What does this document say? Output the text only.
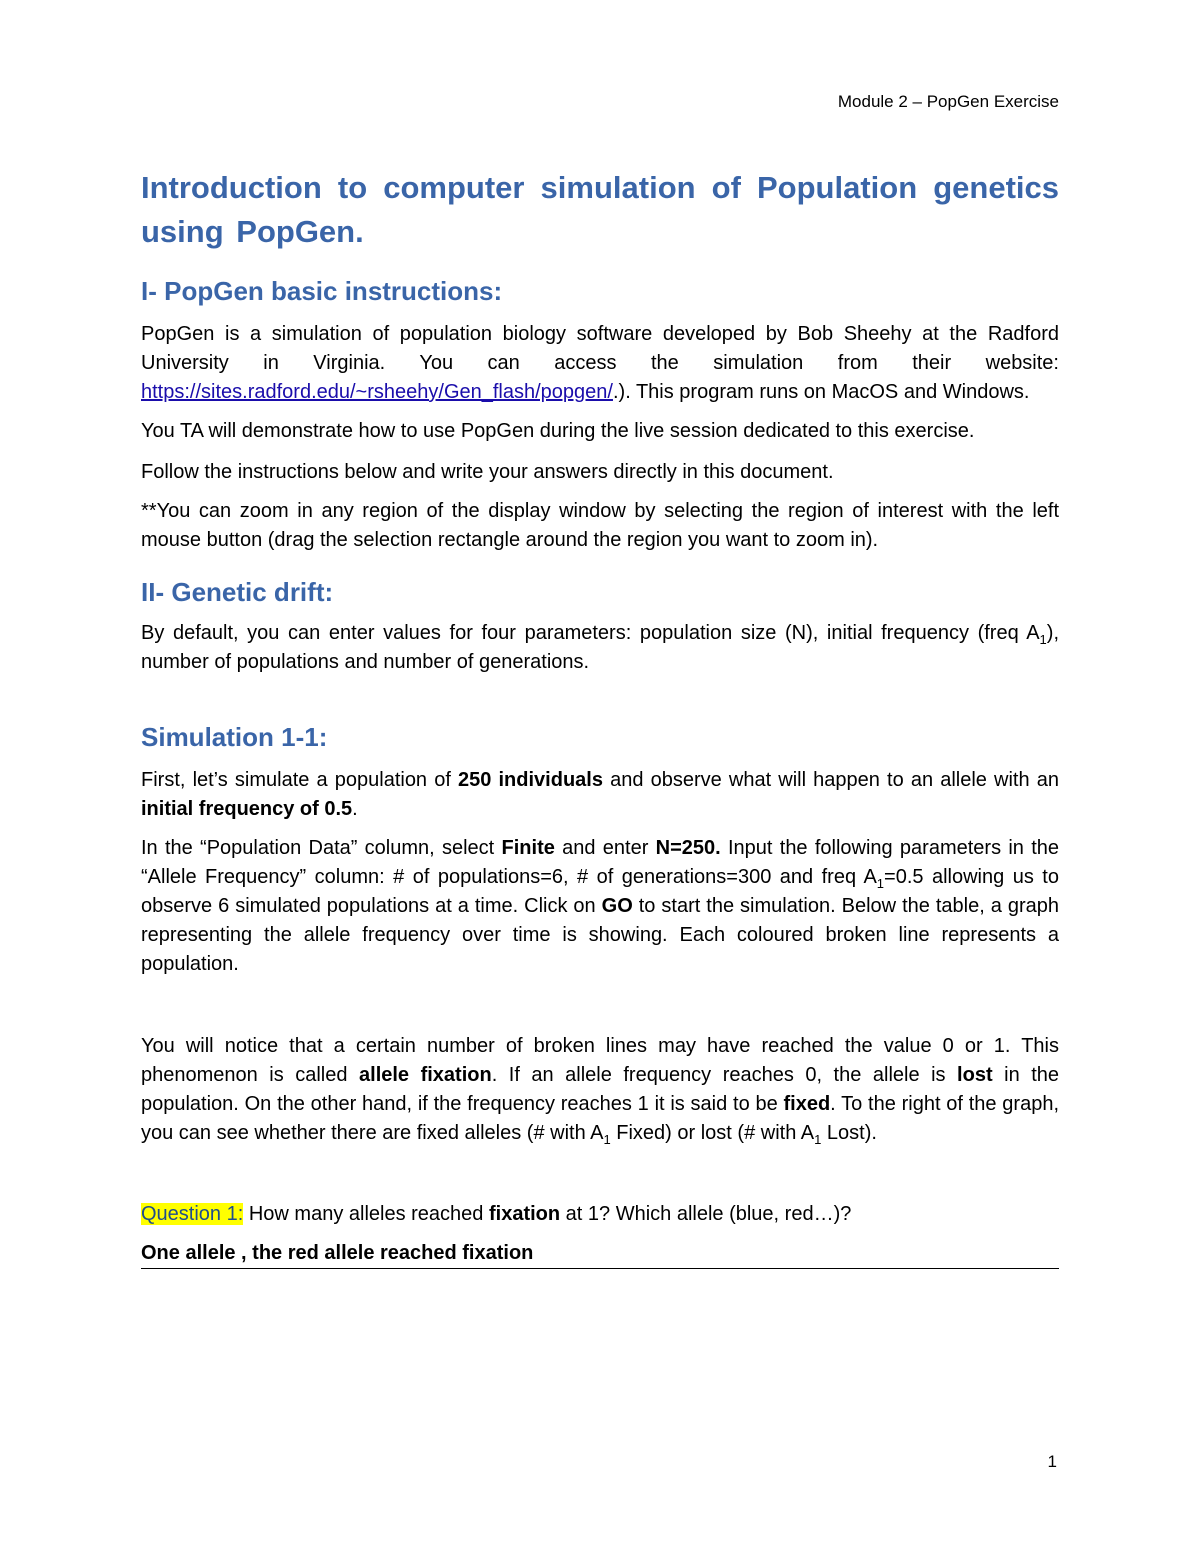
Module 2 – PopGen Exercise
Introduction to computer simulation of Population genetics using PopGen.
I- PopGen basic instructions:

PopGen is a simulation of population biology software developed by Bob Sheehy at the Radford University in Virginia. You can access the simulation from their website: https://sites.radford.edu/~rsheehy/Gen_flash/popgen/.). This program runs on MacOS and Windows.

You TA will demonstrate how to use PopGen during the live session dedicated to this exercise.

Follow the instructions below and write your answers directly in this document.

**You can zoom in any region of the display window by selecting the region of interest with the left mouse button (drag the selection rectangle around the region you want to zoom in).

II- Genetic drift:

By default, you can enter values for four parameters: population size (N), initial frequency (freq $A_1$), number of populations and number of generations.

Simulation 1-1:

First, let’s simulate a population of 250 individuals and observe what will happen to an allele with an initial frequency of 0.5.

In the “Population Data” column, select Finite and enter N=250. Input the following parameters in the “Allele Frequency” column: # of populations=6, # of generations=300 and freq $A_1=0.5$ allowing us to observe 6 simulated populations at a time. Click on GO to start the simulation. Below the table, a graph representing the allele frequency over time is showing. Each coloured broken line represents a population.

You will notice that a certain number of broken lines may have reached the value 0 or 1. This phenomenon is called allele fixation. If an allele frequency reaches 0, the allele is lost in the population. On the other hand, if the frequency reaches 1 it is said to be fixed. To the right of the graph, you can see whether there are fixed alleles (# with $A_1$ Fixed) or lost (# with $A_1$ Lost).

Question 1: How many alleles reached fixation at 1? Which allele (blue, red…)?

One allele , the red allele reached fixation

1
